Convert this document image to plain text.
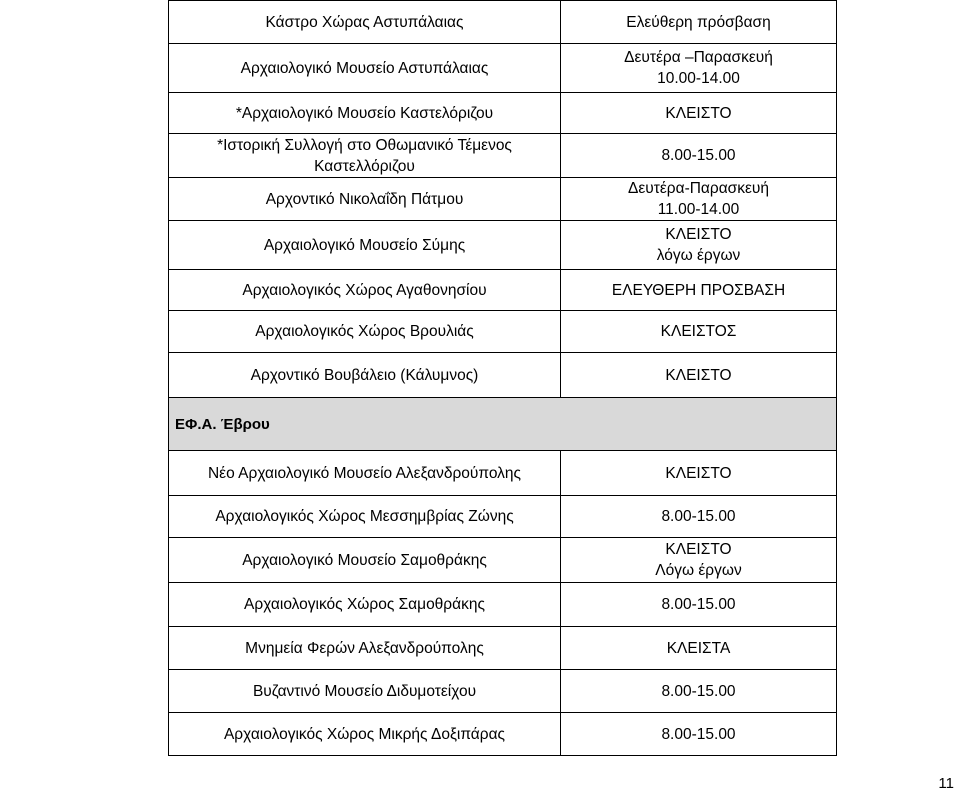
Κάστρο Χώρας Αστυπάλαιας	Ελεύθερη πρόσβαση

Αρχαιολογικό Μουσείο Αστυπάλαιας	Δευτέρα –Παρασκευή
10.00-14.00

*Αρχαιολογικό Μουσείο Καστελόριζου	ΚΛΕΙΣΤΟ

*Ιστορική Συλλογή στο Οθωμανικό Τέμενος Καστελλόριζου	8.00-15.00

Αρχοντικό Νικολαΐδη Πάτμου	Δευτέρα-Παρασκευή
11.00-14.00

Αρχαιολογικό Μουσείο Σύμης	ΚΛΕΙΣΤΟ
λόγω έργων

Αρχαιολογικός Χώρος Αγαθονησίου	ΕΛΕΥΘΕΡΗ ΠΡΟΣΒΑΣΗ

Αρχαιολογικός Χώρος Βρουλιάς	ΚΛΕΙΣΤΟΣ

Αρχοντικό Βουβάλειο (Κάλυμνος)	ΚΛΕΙΣΤΟ
ΕΦ.Α. Έβρου	
Νέο Αρχαιολογικό Μουσείο Αλεξανδρούπολης	ΚΛΕΙΣΤΟ

Αρχαιολογικός Χώρος Μεσσημβρίας Ζώνης	8.00-15.00

Αρχαιολογικό Μουσείο Σαμοθράκης	ΚΛΕΙΣΤΟ
Λόγω έργων

Αρχαιολογικός Χώρος Σαμοθράκης	8.00-15.00

Μνημεία Φερών Αλεξανδρούπολης	ΚΛΕΙΣΤΑ

Βυζαντινό Μουσείο Διδυμοτείχου	8.00-15.00

Αρχαιολογικός Χώρος Μικρής Δοξιπάρας	8.00-15.00
11
